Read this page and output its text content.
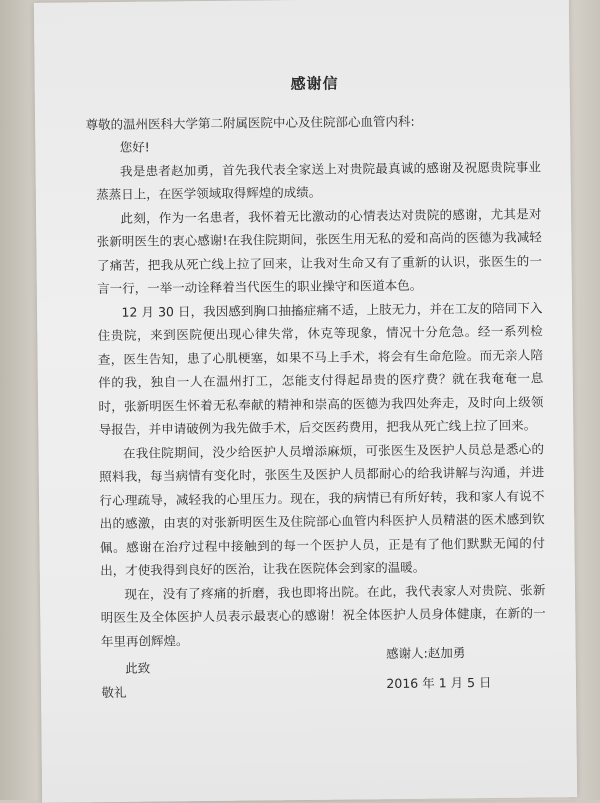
感谢信
尊敬的温州医科大学第二附属医院中心及住院部心血管内科:
您好!

我是患者赵加勇，首先我代表全家送上对贵院最真诚的感谢及祝愿贵院事业蒸蒸日上，在医学领域取得辉煌的成绩。

此刻，作为一名患者，我怀着无比激动的心情表达对贵院的感谢，尤其是对张新明医生的衷心感谢!在我住院期间，张医生用无私的爱和高尚的医德为我减轻了痛苦，把我从死亡线上拉了回来，让我对生命又有了重新的认识，张医生的一言一行，一举一动诠释着当代医生的职业操守和医道本色。

12 月 30 日，我因感到胸口抽搐症痛不适，上肢无力，并在工友的陪同下入住贵院，来到医院便出现心律失常，休克等现象，情况十分危急。经一系列检查，医生告知，患了心肌梗塞，如果不马上手术，将会有生命危险。而无亲人陪伴的我，独自一人在温州打工，怎能支付得起昂贵的医疗费？就在我奄奄一息时，张新明医生怀着无私奉献的精神和崇高的医德为我四处奔走，及时向上级领导报告，并申请破例为我先做手术，后交医药费用，把我从死亡线上拉了回来。

在我住院期间，没少给医护人员增添麻烦，可张医生及医护人员总是悉心的照料我，每当病情有变化时，张医生及医护人员都耐心的给我讲解与沟通，并进行心理疏导，减轻我的心里压力。现在，我的病情已有所好转，我和家人有说不出的感激，由衷的对张新明医生及住院部心血管内科医护人员精湛的医术感到钦佩。感谢在治疗过程中接触到的每一个医护人员，正是有了他们默默无闻的付出，才使我得到良好的医治，让我在医院体会到家的温暖。

现在，没有了疼痛的折磨，我也即将出院。在此，我代表家人对贵院、张新明医生及全体医护人员表示最衷心的感谢！祝全体医护人员身体健康，在新的一年里再创辉煌。

此致
敬礼
感谢人:赵加勇
2016 年 1 月 5 日
